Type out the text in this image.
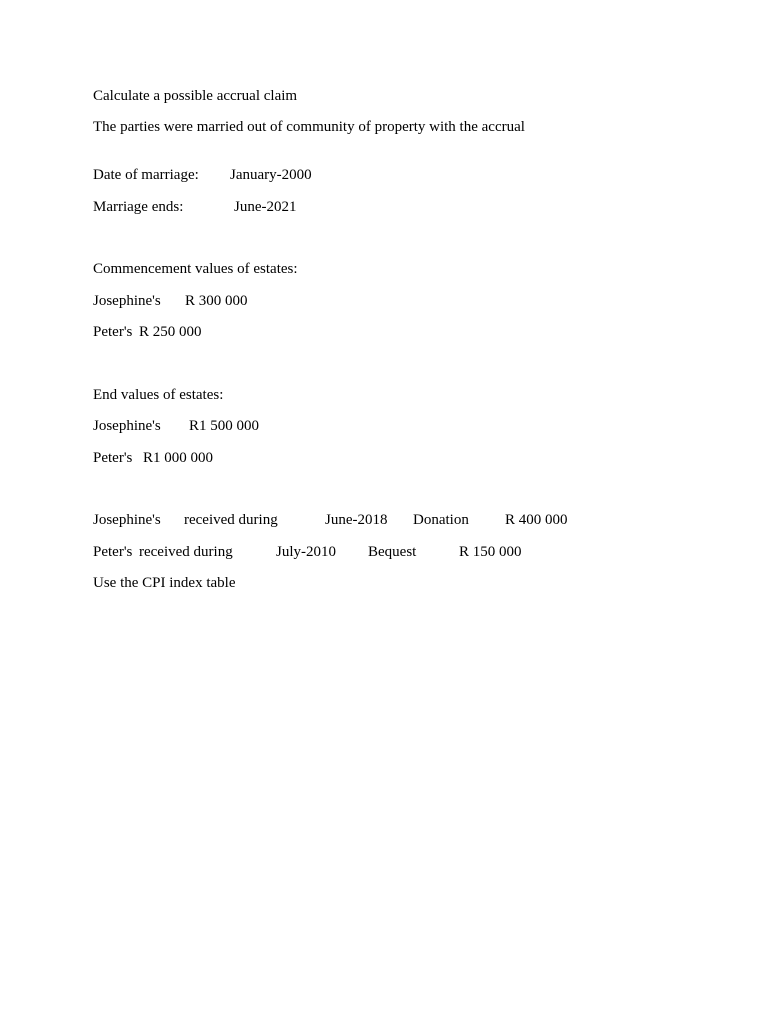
Calculate a possible accrual claim
The parties were married out of community of property with the accrual
Date of marriage: January-2000
Marriage ends:	June-2021
Commencement values of estates:
Josephine's R 300 000
Peter's R 250 000
End values of estates:
Josephine's R1 500 000
Peter's R1 000 000
Josephine's received during	June-2018 Donation R 400 000
Peter's received during	July-2010 Bequest	R 150 000
Use the CPI index table
